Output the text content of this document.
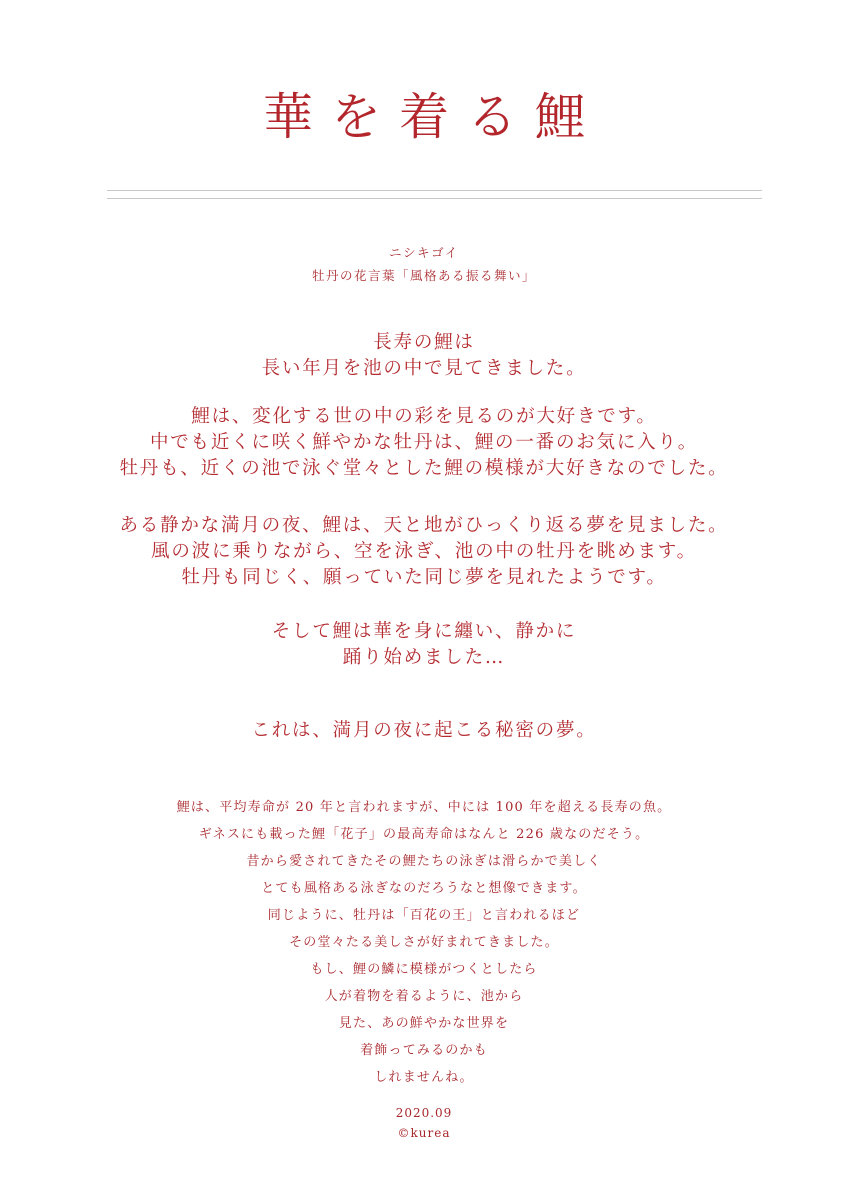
華を着る鯉
ニシキゴイ
牡丹の花言葉「風格ある振る舞い」
長寿の鯉は
長い年月を池の中で見てきました。
鯉は、変化する世の中の彩を見るのが大好きです。
中でも近くに咲く鮮やかな牡丹は、鯉の一番のお気に入り。
牡丹も、近くの池で泳ぐ堂々とした鯉の模様が大好きなのでした。
ある静かな満月の夜、鯉は、天と地がひっくり返る夢を見ました。
風の波に乗りながら、空を泳ぎ、池の中の牡丹を眺めます。
牡丹も同じく、願っていた同じ夢を見れたようです。
そして鯉は華を身に纏い、静かに
踊り始めました…
これは、満月の夜に起こる秘密の夢。
鯉は、平均寿命が 20 年と言われますが、中には 100 年を超える長寿の魚。
ギネスにも載った鯉「花子」の最高寿命はなんと 226 歳なのだそう。
昔から愛されてきたその鯉たちの泳ぎは滑らかで美しく
とても風格ある泳ぎなのだろうなと想像できます。
同じように、牡丹は「百花の王」と言われるほど
その堂々たる美しさが好まれてきました。
もし、鯉の鱗に模様がつくとしたら
人が着物を着るように、池から
見た、あの鮮やかな世界を
着飾ってみるのかも
しれませんね。
2020.09
©kurea
